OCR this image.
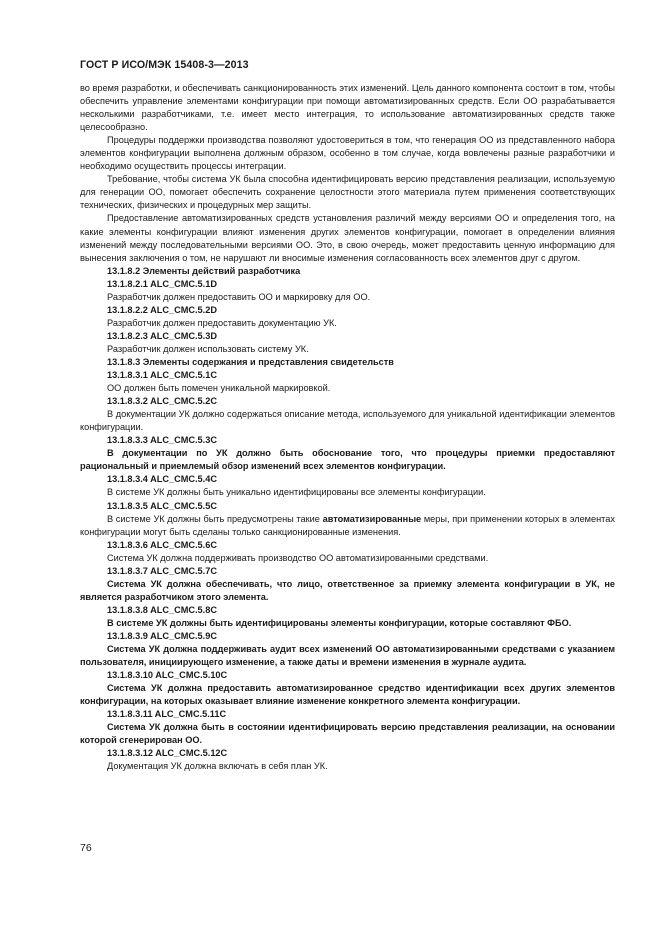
ГОСТ Р ИСО/МЭК 15408-3—2013

во время разработки, и обеспечивать санкционированность этих изменений. Цель данного компонента состоит в том, чтобы обеспечить управление элементами конфигурации при помощи автоматизированных средств. Если ОО разрабатывается несколькими разработчиками, т.е. имеет место интеграция, то использование автоматизированных средств также целесообразно.

Процедуры поддержки производства позволяют удостовериться в том, что генерация ОО из представленного набора элементов конфигурации выполнена должным образом, особенно в том случае, когда вовлечены разные разработчики и необходимо осуществить процессы интеграции.

Требование, чтобы система УК была способна идентифицировать версию представления реализации, используемую для генерации ОО, помогает обеспечить сохранение целостности этого материала путем применения соответствующих технических, физических и процедурных мер защиты.

Предоставление автоматизированных средств установления различий между версиями ОО и определения того, на какие элементы конфигурации влияют изменения других элементов конфигурации, помогает в определении влияния изменений между последовательными версиями ОО. Это, в свою очередь, может предоставить ценную информацию для вынесения заключения о том, не нарушают ли вносимые изменения согласованность всех элементов друг с другом.

13.1.8.2 Элементы действий разработчика

13.1.8.2.1 ALC_CMC.5.1D

Разработчик должен предоставить ОО и маркировку для ОО.

13.1.8.2.2 ALC_CMC.5.2D

Разработчик должен предоставить документацию УК.

13.1.8.2.3 ALC_CMC.5.3D

Разработчик должен использовать систему УК.

13.1.8.3 Элементы содержания и представления свидетельств

13.1.8.3.1 ALC_CMC.5.1C

ОО должен быть помечен уникальной маркировкой.

13.1.8.3.2 ALC_CMC.5.2C

В документации УК должно содержаться описание метода, используемого для уникальной идентификации элементов конфигурации.

13.1.8.3.3 ALC_CMC.5.3C

В документации по УК должно быть обоснование того, что процедуры приемки предоставляют рациональный и приемлемый обзор изменений всех элементов конфигурации.

13.1.8.3.4 ALC_CMC.5.4C

В системе УК должны быть уникально идентифицированы все элементы конфигурации.

13.1.8.3.5 ALC_CMC.5.5C

В системе УК должны быть предусмотрены такие автоматизированные меры, при применении которых в элементах конфигурации могут быть сделаны только санкционированные изменения.

13.1.8.3.6 ALC_CMC.5.6C

Система УК должна поддерживать производство ОО автоматизированными средствами.

13.1.8.3.7 ALC_CMC.5.7C

Система УК должна обеспечивать, что лицо, ответственное за приемку элемента конфигурации в УК, не является разработчиком этого элемента.

13.1.8.3.8 ALC_CMC.5.8C

В системе УК должны быть идентифицированы элементы конфигурации, которые составляют ФБО.

13.1.8.3.9 ALC_CMC.5.9C

Система УК должна поддерживать аудит всех изменений ОО автоматизированными средствами с указанием пользователя, инициирующего изменение, а также даты и времени изменения в журнале аудита.

13.1.8.3.10 ALC_CMC.5.10C

Система УК должна предоставить автоматизированное средство идентификации всех других элементов конфигурации, на которых оказывает влияние изменение конкретного элемента конфигурации.

13.1.8.3.11 ALC_CMC.5.11C

Система УК должна быть в состоянии идентифицировать версию представления реализации, на основании которой сгенерирован ОО.

13.1.8.3.12 ALC_CMC.5.12C

Документация УК должна включать в себя план УК.

76
